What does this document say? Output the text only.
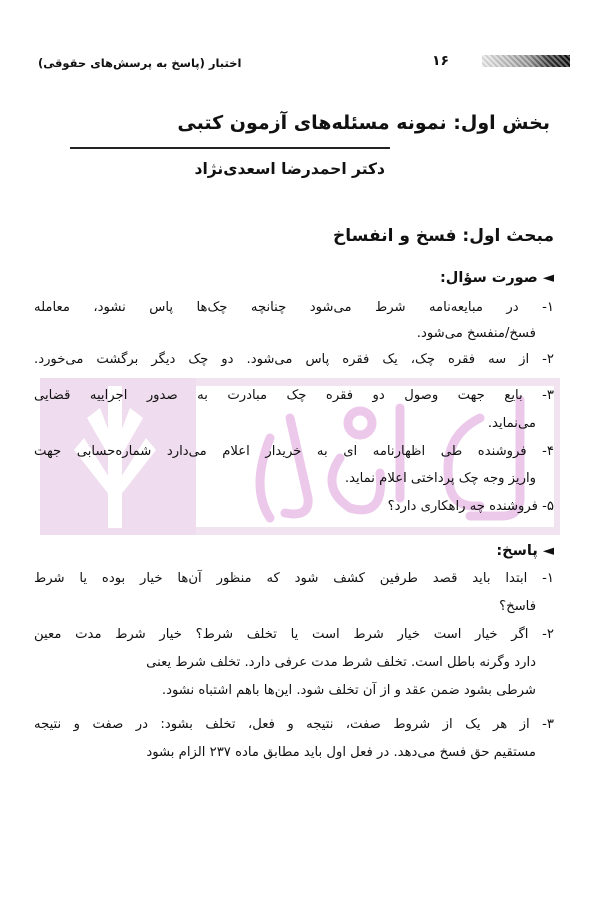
اختبار (پاسخ به پرسش‌های حقوقی)	۱۶
بخش اول: نمونه مسئله‌های آزمون کتبی
دکتر احمدرضا اسعدی‌نژاد
مبحث اول: فسخ و انفساخ
◄ صورت سؤال:
۱- در مبایعه‌نامه شرط می‌شود چنانچه چک‌ها پاس نشود، معامله
فسخ/منفسخ می‌شود.
۲- از سه فقره چک، یک فقره پاس می‌شود. دو چک دیگر برگشت می‌خورد.
۳- بایع جهت وصول دو فقره چک مبادرت به صدور اجراییه قضایی
می‌نماید.
۴- فروشنده طی اظهارنامه ای به خریدار اعلام می‌دارد شماره‌حسابی جهت
واریز وجه چک پرداختی اعلام نماید.
۵- فروشنده چه راهکاری دارد؟
◄ پاسخ:
۱- ابتدا باید قصد طرفین کشف شود که منظور آن‌ها خیار بوده یا شرط
فاسخ؟
۲- اگر خیار است خیار شرط است یا تخلف شرط؟ خیار شرط مدت معین
دارد وگرنه باطل است. تخلف شرط مدت عرفی دارد. تخلف شرط یعنی
شرطی بشود ضمن عقد و از آن تخلف شود. این‌ها باهم اشتباه نشود.
۳- از هر یک از شروط صفت، نتیجه و فعل، تخلف بشود: در صفت و نتیجه
مستقیم حق فسخ می‌دهد. در فعل اول باید مطابق ماده ۲۳۷ الزام بشود
